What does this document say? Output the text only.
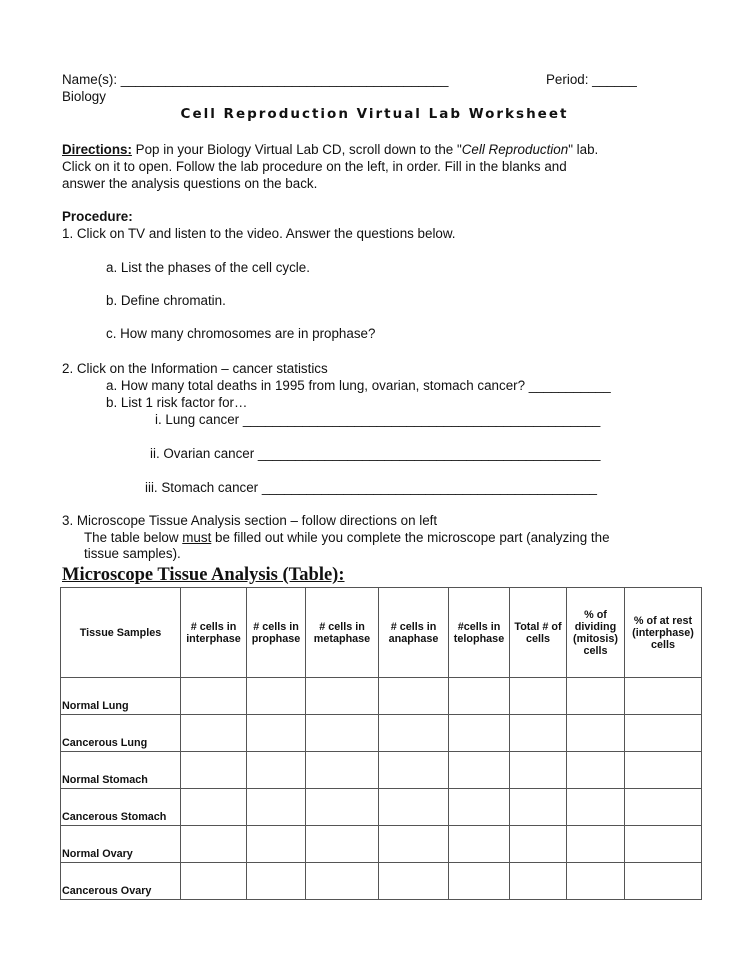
Name(s): ____________________________________________	Period: ______
Biology
Cell Reproduction Virtual Lab Worksheet
Directions: Pop in your Biology Virtual Lab CD, scroll down to the "Cell Reproduction" lab.
Click on it to open. Follow the lab procedure on the left, in order. Fill in the blanks and
answer the analysis questions on the back.
Procedure:
1. Click on TV and listen to the video. Answer the questions below.
a. List the phases of the cell cycle.
b. Define chromatin.
c. How many chromosomes are in prophase?
2. Click on the Information – cancer statistics
a. How many total deaths in 1995 from lung, ovarian, stomach cancer? ___________
b. List 1 risk factor for…
i. Lung cancer ________________________________________________
ii. Ovarian cancer ______________________________________________
iii. Stomach cancer _____________________________________________
3. Microscope Tissue Analysis section – follow directions on left
The table below must be filled out while you complete the microscope part (analyzing the
tissue samples).
Microscope Tissue Analysis (Table):
Tissue Samples	# cells in interphase	# cells in prophase	# cells in metaphase	# cells in anaphase	#cells in telophase	Total # of cells	% of dividing (mitosis) cells	% of at rest (interphase) cells
Normal Lung								
Cancerous Lung								
Normal Stomach								
Cancerous Stomach								
Normal Ovary								
Cancerous Ovary								
